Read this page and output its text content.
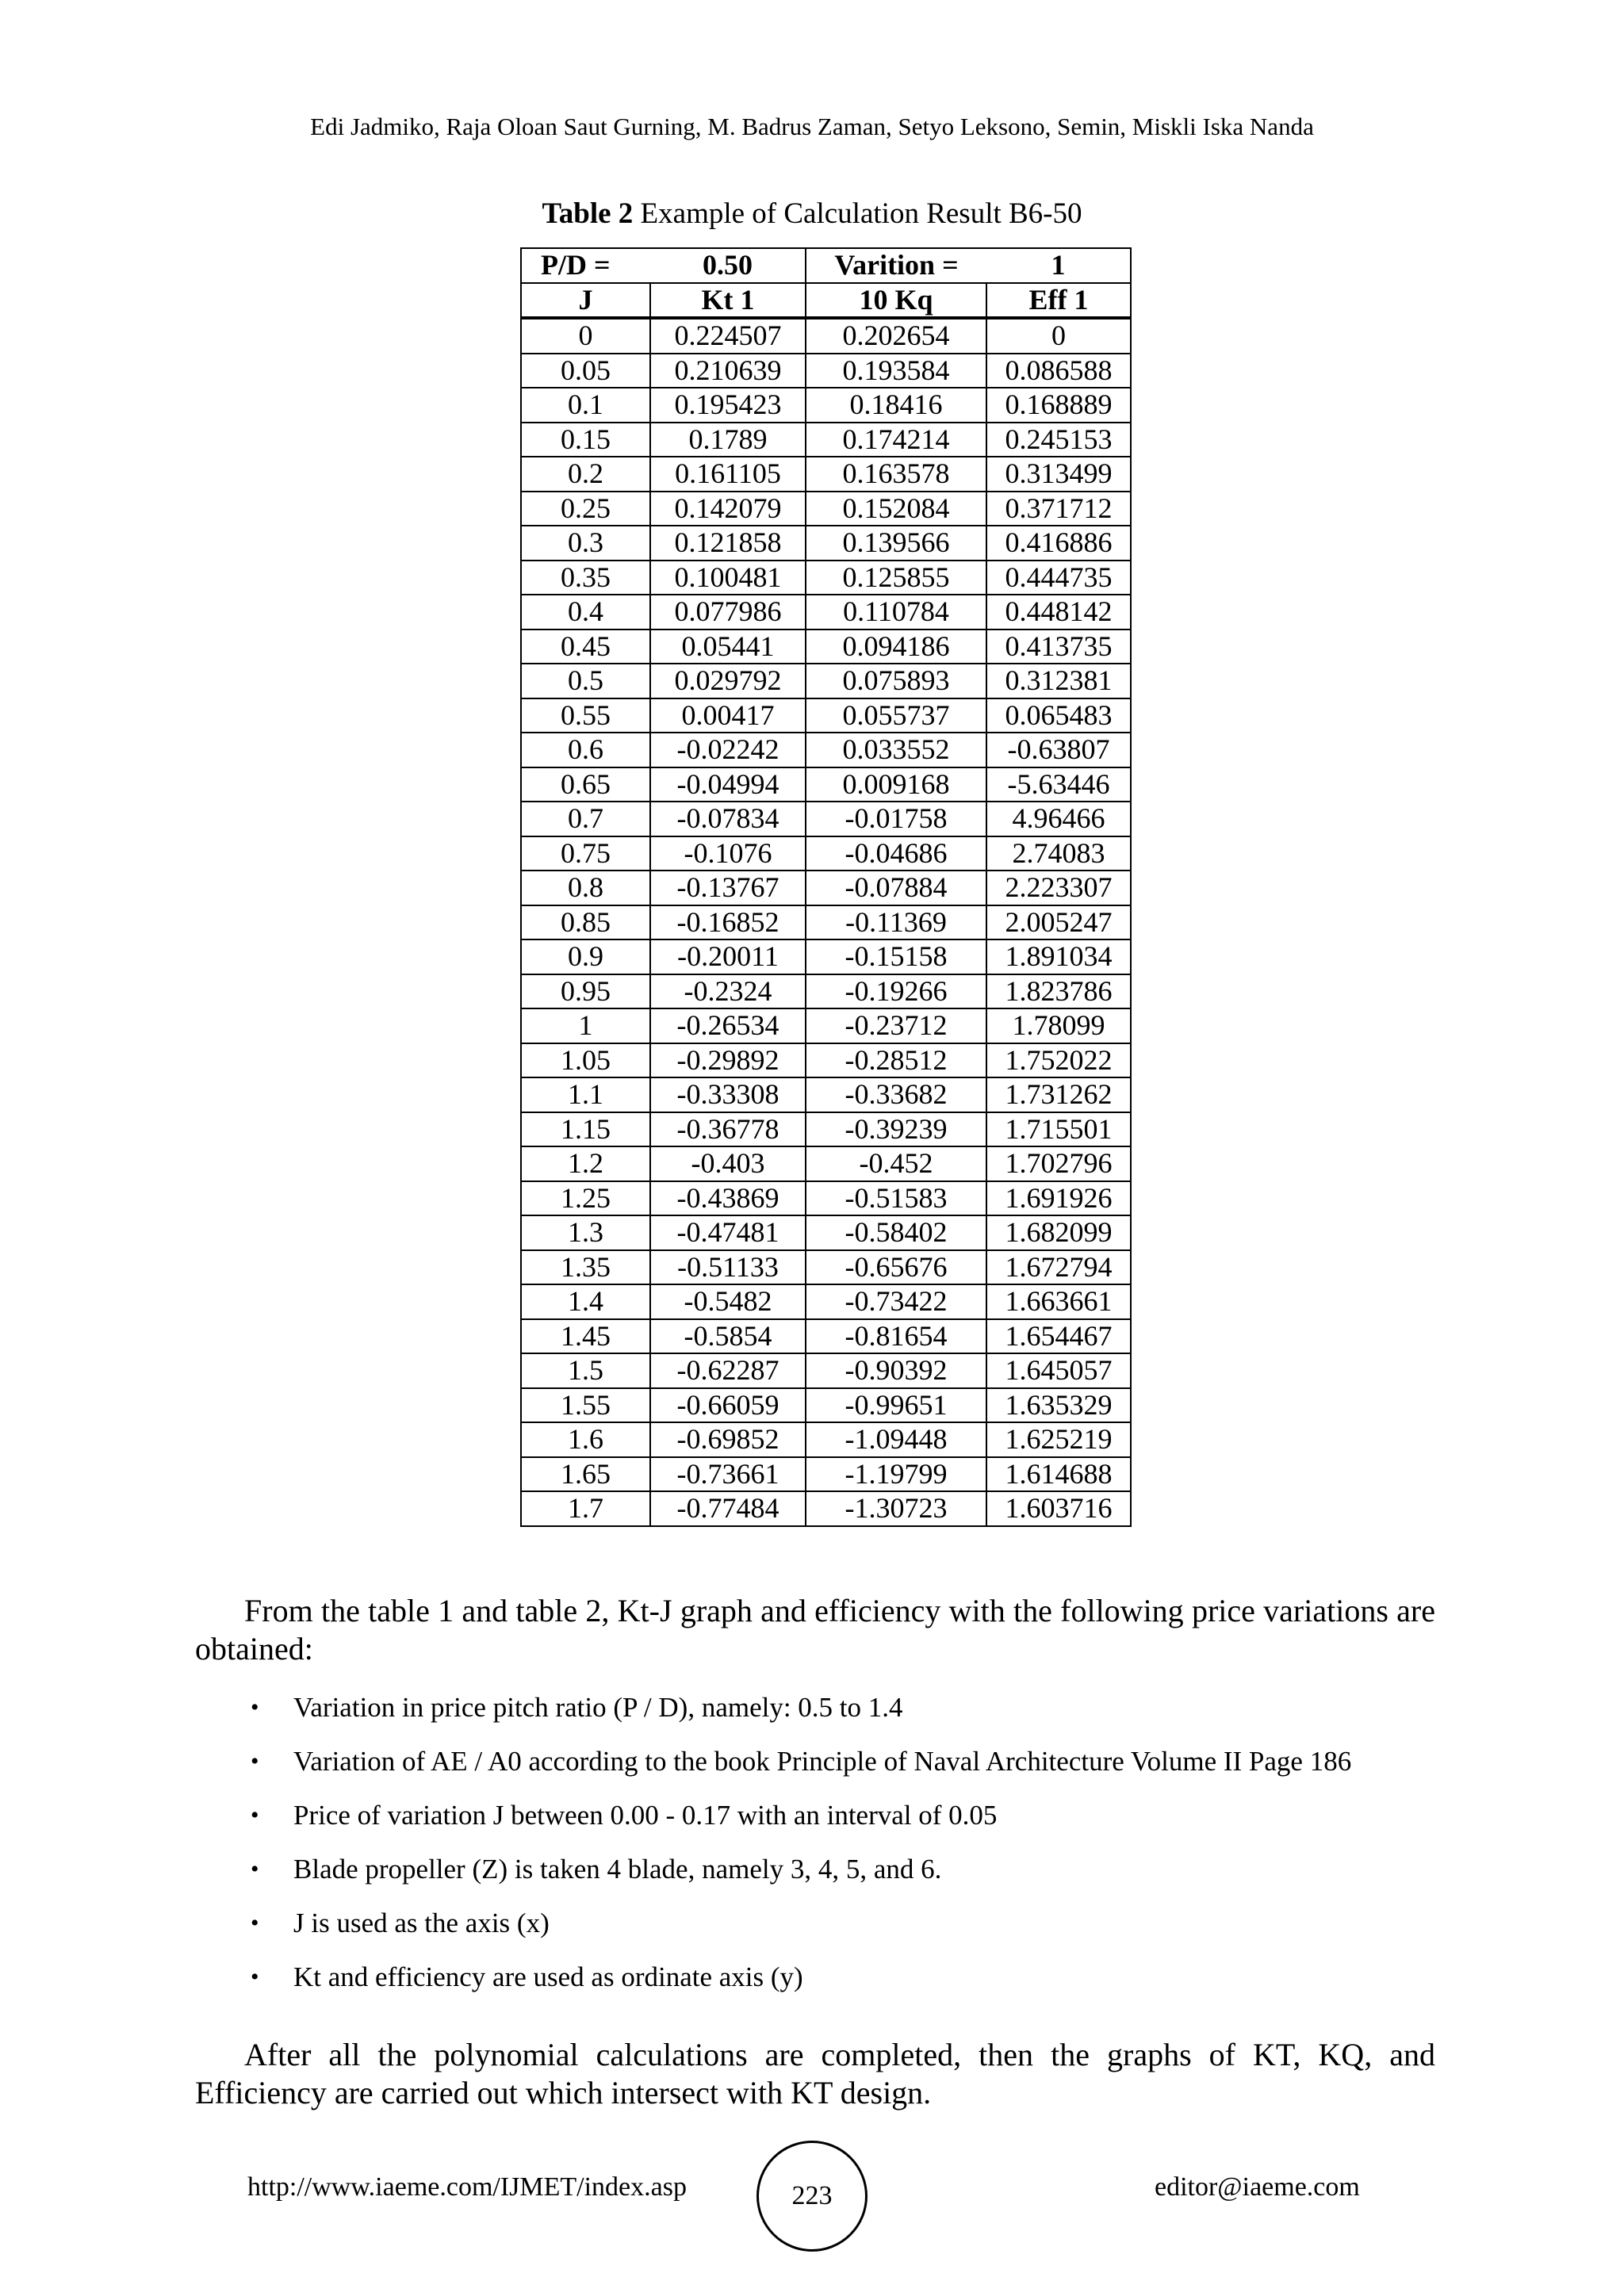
Edi Jadmiko, Raja Oloan Saut Gurning, M. Badrus Zaman, Setyo Leksono, Semin, Miskli Iska Nanda
Table 2 Example of Calculation Result B6-50
P/D =	0.50	Varition =	1
J	Kt 1	10 Kq	Eff 1
0	0.224507	0.202654	0
0.05	0.210639	0.193584	0.086588
0.1	0.195423	0.18416	0.168889
0.15	0.1789	0.174214	0.245153
0.2	0.161105	0.163578	0.313499
0.25	0.142079	0.152084	0.371712
0.3	0.121858	0.139566	0.416886
0.35	0.100481	0.125855	0.444735
0.4	0.077986	0.110784	0.448142
0.45	0.05441	0.094186	0.413735
0.5	0.029792	0.075893	0.312381
0.55	0.00417	0.055737	0.065483
0.6	-0.02242	0.033552	-0.63807
0.65	-0.04994	0.009168	-5.63446
0.7	-0.07834	-0.01758	4.96466
0.75	-0.1076	-0.04686	2.74083
0.8	-0.13767	-0.07884	2.223307
0.85	-0.16852	-0.11369	2.005247
0.9	-0.20011	-0.15158	1.891034
0.95	-0.2324	-0.19266	1.823786
1	-0.26534	-0.23712	1.78099
1.05	-0.29892	-0.28512	1.752022
1.1	-0.33308	-0.33682	1.731262
1.15	-0.36778	-0.39239	1.715501
1.2	-0.403	-0.452	1.702796
1.25	-0.43869	-0.51583	1.691926
1.3	-0.47481	-0.58402	1.682099
1.35	-0.51133	-0.65676	1.672794
1.4	-0.5482	-0.73422	1.663661
1.45	-0.5854	-0.81654	1.654467
1.5	-0.62287	-0.90392	1.645057
1.55	-0.66059	-0.99651	1.635329
1.6	-0.69852	-1.09448	1.625219
1.65	-0.73661	-1.19799	1.614688
1.7	-0.77484	-1.30723	1.603716
From the table 1 and table 2, Kt-J graph and efficiency with the following price variations are obtained:
• Variation in price pitch ratio (P / D), namely: 0.5 to 1.4
• Variation of AE / A0 according to the book Principle of Naval Architecture Volume II Page 186
• Price of variation J between 0.00 - 0.17 with an interval of 0.05
• Blade propeller (Z) is taken 4 blade, namely 3, 4, 5, and 6.
• J is used as the axis (x)
• Kt and efficiency are used as ordinate axis (y)
After all the polynomial calculations are completed, then the graphs of KT, KQ, and Efficiency are carried out which intersect with KT design.
http://www.iaeme.com/IJMET/index.asp	223	editor@iaeme.com
